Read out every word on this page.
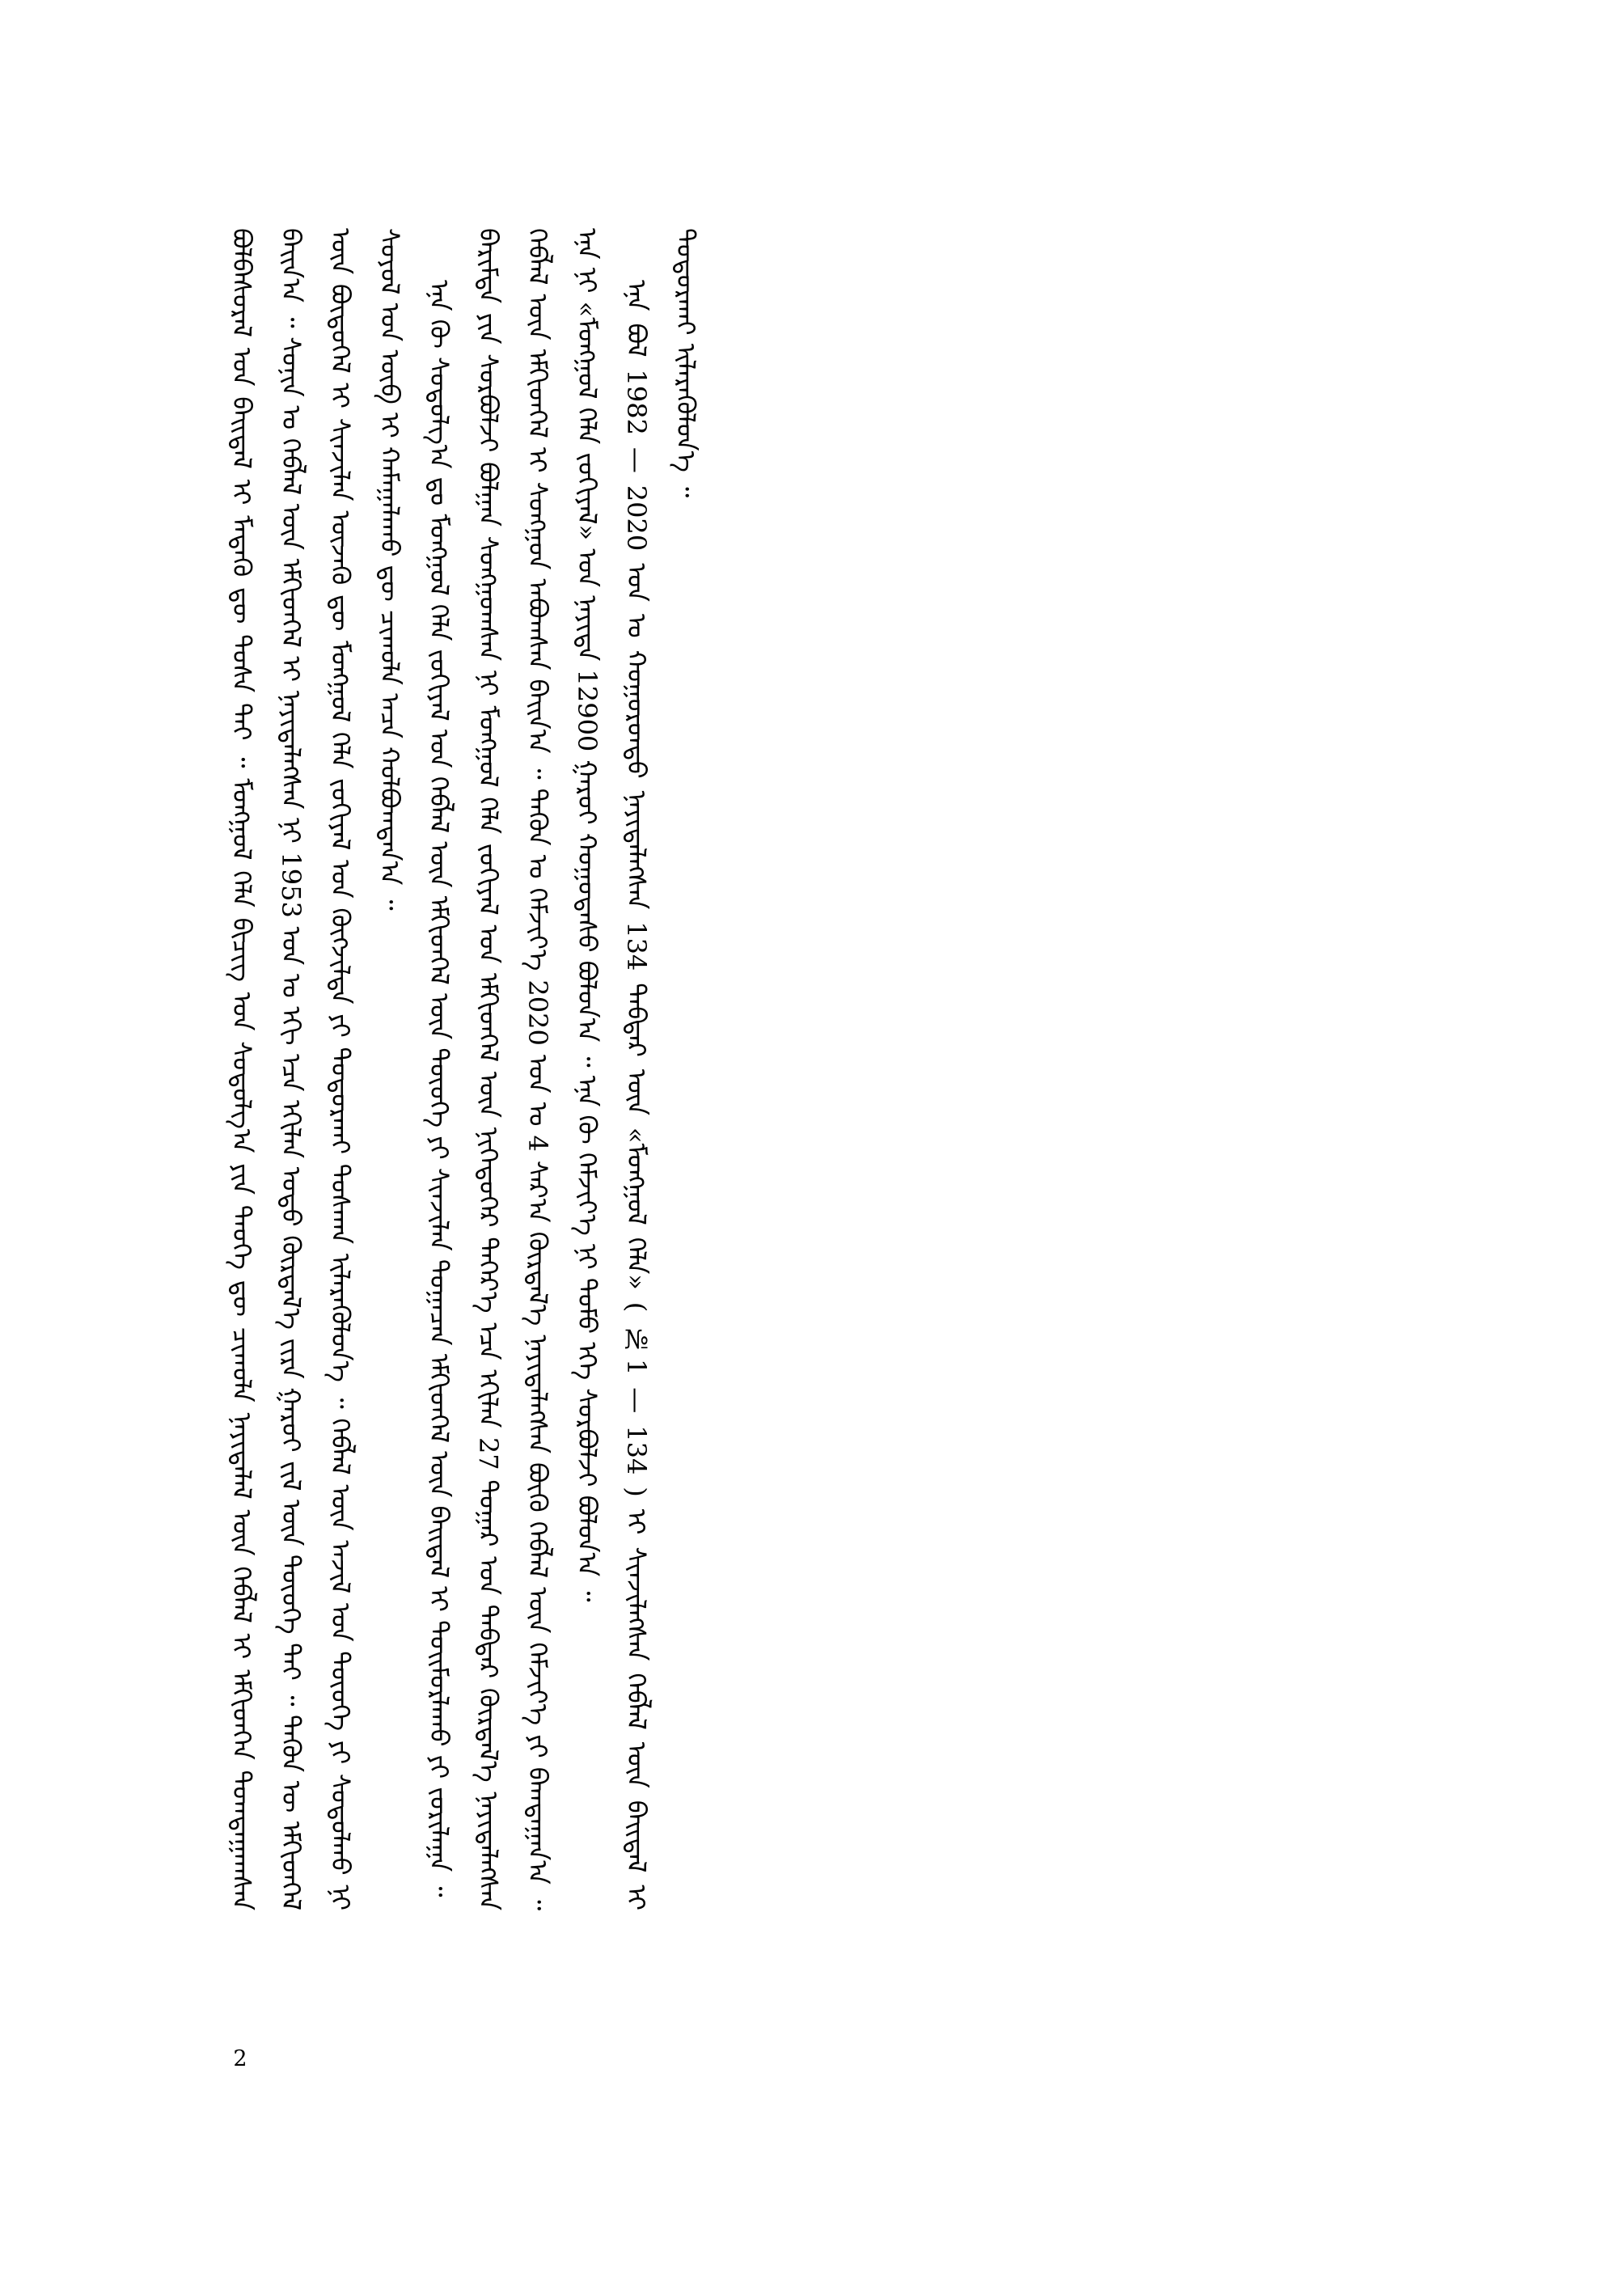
ᠪᠣᠯᠪᠠᠰᠤᠷᠠᠯ ᠤᠨ ᠪᠠᠢᠳᠠᠯ ᠢ ᠮᠡᠳᠡᠬᠦ ᠳᠦ ᠲᠤᠰᠠ ᠲᠠᠢ ᠃ ᠮᠣᠩᠭᠣᠯ ᠬᠡᠯᠡ ᠪᠢᠴᠢᠭ ᠤᠨ ᠰᠤᠳᠤᠯᠭ᠎ᠠ ᠶᠢᠨ ᠲᠡᠤᠬᠡ ᠳᠦ ᠴᠢᠬᠤᠯᠠ ᠨᠡᠶᠢᠲᠡᠯᠡᠯ ᠦᠨ ᠬᠡᠪᠯᠡᠯ ᠢ ᠡᠮᠬᠢᠳᠬᠡᠨ ᠲᠣᠭᠲᠠᠭᠠᠭᠰᠠᠨ ᠪᠠᠢᠨ᠎ᠠ ᠃ ᠰᠣᠨᠢᠨ ᠤ ᠬᠡᠪᠯᠡᠯ ᠦᠨ ᠡᠮᠬᠢᠳᠬᠡᠯ ᠢ ᠨᠡᠶᠢᠲᠡᠯᠡᠭᠰᠡᠨ ᠨᠢ 1953 ᠣᠨ ᠤ ᠡᠬᠢ ᠡᠴᠡ ᠡᠬᠢᠯᠡᠨ ᠣᠳᠣ ᠬᠦᠷᠲᠡᠯ᠎ᠡ ᠵᠢᠷᠠ ᠭᠠᠷᠤᠢ ᠵᠢᠯ ᠦᠨ ᠲᠦᠦᠬᠡ ᠲᠠᠢ ᠃ ᠲᠡᠭᠦᠨ ᠦ ᠡᠮᠬᠢᠳᠬᠡᠯ ᠦᠨ ᠪᠦᠲᠦᠭᠡᠯ ᠢ ᠰᠢᠨᠵᠢᠯᠡᠨ ᠦᠵᠡᠬᠦ ᠳᠦ ᠮᠣᠩᠭᠣᠯ ᠬᠡᠯᠡ ᠵᠣᠬᠢᠶᠠᠯ ᠤᠨ ᠬᠥᠭᠵᠢᠯᠲᠡ ᠶᠢ ᠲᠣᠳᠣᠷᠬᠠᠢ ᠲᠤᠰᠬᠠᠨ ᠢᠯᠡᠷᠡᠭᠦᠯᠦᠨ᠎ᠡ ᠃ ᠬᠡᠪᠯᠡᠯ ᠦᠨ ᠠᠵᠢᠯ ᠤᠨ ᠲᠦᠦᠬᠡ ᠶᠢ ᠰᠣᠳᠣᠯᠬᠤ ᠨᠢ ᠰᠣᠶᠣᠯ ᠤᠨ ᠥᠪ ᠢ ᠬᠠᠮᠠᠭᠠᠯᠠᠬᠤ ᠳᠦ ᠴᠢᠬᠤᠯᠠ ᠠᠴᠠ ᠬᠣᠯᠪᠣᠭᠳᠠᠨ᠎ᠠ ᠃ ᠡᠨᠡ ᠬᠦ ᠰᠤᠳᠤᠯᠭ᠎ᠠ ᠳᠤ ᠮᠣᠩᠭᠣᠯ ᠬᠡᠯᠡ ᠵᠣᠬᠢᠶᠠᠯ ᠤᠨ ᠬᠡᠪᠯᠡᠯ ᠦᠨ ᠡᠮᠬᠢᠳᠬᠡᠯ ᠦᠨ ᠲᠦᠦᠬᠡ ᠶᠢ ᠰᠢᠨᠵᠢᠯᠡᠨ ᠲᠣᠭᠠᠴᠠᠨ ᠡᠮᠬᠢᠳᠬᠡᠯ ᠦᠨ ᠪᠠᠢᠳᠠᠯ ᠢ ᠲᠣᠢᠮᠣᠷᠯᠠᠬᠤ ᠶᠢ ᠵᠣᠷᠢᠯᠠᠭᠠ ᠃ ᠪᠠᠷᠢᠮᠲᠠ ᠶᠢᠨ ᠰᠤᠷᠪᠤᠯᠵᠢ ᠪᠣᠯᠭᠠᠨ ᠰᠣᠩᠭᠣᠭᠰᠠᠨ ᠨᠢ ᠮᠣᠩᠭᠣᠯ ᠬᠡᠯᠡ ᠵᠣᠬᠢᠶᠠᠯ ᠤᠨ ᠡᠮᠬᠢᠳᠬᠡᠯ ᠦᠨ ᠨᠢᠭᠡᠳᠦᠭᠡᠷ ᠳᠡᠭᠡᠷ᠎ᠡ ᠡᠴᠡ ᠡᠬᠢᠯᠡᠨ 27 ᠳᠤᠭᠠᠷ ᠤᠨ ᠳᠡᠪᠲᠡᠷ ᠬᠦᠷᠲᠡᠯ᠎ᠡ ᠨᠡᠶᠢᠲᠡᠯᠡᠭᠰᠡᠨ ᠬᠡᠪᠯᠡᠯ ᠦᠨ ᠡᠮᠬᠢᠳᠬᠡᠯ ᠢ ᠰᠣᠩᠭᠣᠨ ᠠᠪᠤᠭᠰᠠᠨ ᠪᠠᠢᠨ᠎ᠠ ᠃ ᠲᠡᠭᠦᠨ ᠤ ᠬᠡᠮᠵᠢᠶ᠎ᠡ 2020 ᠣᠨ ᠤ 4 ᠰᠠᠷ᠎ᠠ ᠬᠦᠷᠲᠡᠯ᠎ᠡ ᠨᠡᠶᠢᠲᠡᠯᠡᠭᠰᠡᠨ ᠪᠦᠬᠦ ᠬᠡᠪᠯᠡᠯ ᠦᠨ ᠬᠡᠮᠵᠢᠶ᠎ᠡ ᠶᠢ ᠪᠠᠭᠲᠠᠭᠠᠨ᠎ᠠ ᠃ ᠡᠨᠡ ᠨᠢ «ᠮᠣᠩᠭᠣᠯ ᠬᠡᠯᠡ ᠵᠣᠬᠢᠶᠠᠯ» ᠤᠨ ᠨᠡᠶᠢᠲᠡ 12900 ᠭᠠᠷᠤᠢ ᠬᠤᠭᠤᠳᠠᠰᠤ ᠪᠣᠯᠤᠨ᠎ᠠ ᠃ ᠡᠨᠡ ᠬᠦ ᠬᠡᠮᠵᠢᠶ᠎ᠡ ᠨᠢ ᠲᠣᠮᠣ ᠡᠬᠡ ᠰᠤᠷᠪᠤᠯᠵᠢ ᠪᠣᠯᠤᠨ᠎ᠠ ᠃ ᠡᠨᠡ ᠪᠣᠯ 1982 — 2020 ᠣᠨ ᠤ ᠬᠣᠭᠣᠷᠣᠨᠳᠣ ᠨᠡᠶᠢᠲᠡᠯᠡᠭᠰᠡᠨ 134 ᠳᠡᠪᠲᠡᠷ ᠦᠨ «ᠮᠣᠩᠭᠣᠯ ᠬᠡᠯᠡ» ( №1 — 134 ) ᠢ ᠰᠢᠨᠵᠢᠯᠡᠭᠰᠡᠨ ᠬᠡᠪᠯᠡᠯ ᠦᠨ ᠪᠠᠢᠳᠠᠯ ᠢ ᠲᠣᠳᠣᠷᠬᠠᠢ ᠢᠯᠡᠷᠡᠭᠦᠯᠦᠨ᠎ᠡ ᠃

2
